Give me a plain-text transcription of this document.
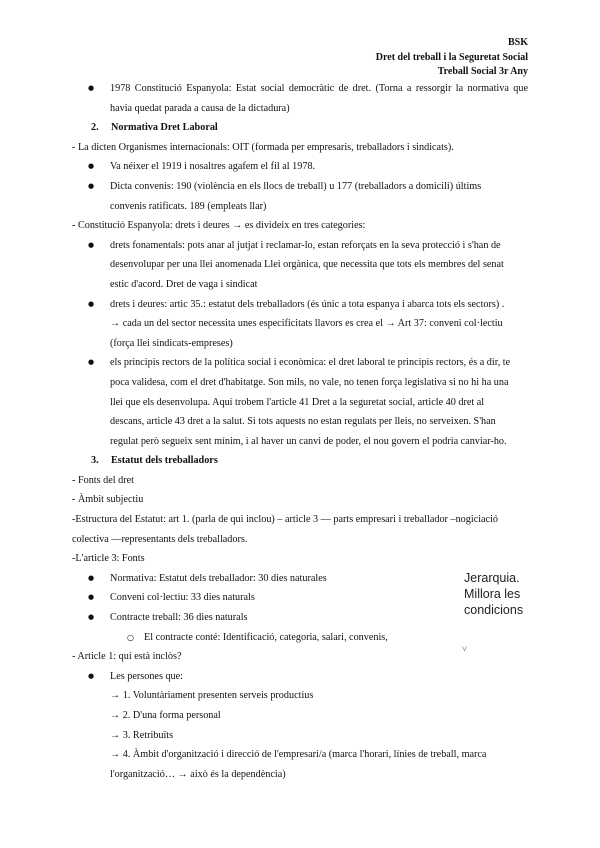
BSK
Dret del treball i la Seguretat Social
Treball Social 3r Any
● 1978 Constitució Espanyola: Estat social democràtic de dret. (Torna a ressorgir la normativa que havia quedat parada a causa de la dictadura)
2. Normativa Dret Laboral
- La dicten Organismes internacionals: OIT (formada per empresaris, treballadors i sindicats).
● Va néixer el 1919 i nosaltres agafem el fil al 1978.
● Dicta convenis: 190 (violència en els llocs de treball) u 177 (treballadors a domicili) últims
convenis ratificats. 189 (empleats llar)
- Constitució Espanyola: drets i deures → es divideix en tres categories:
● drets fonamentals: pots anar al jutjat i reclamar-lo, estan reforçats en la seva protecció i s'han de
desenvolupar per una llei anomenada Llei orgànica, que necessita que tots els membres del senat
estic d'acord. Dret de vaga i sindicat
● drets i deures: artic 35.: estatut dels treballadors (és únic a tota espanya i abarca tots els sectors) .
→ cada un del sector necessita unes especificitats llavors es crea el → Art 37: conveni col·lectiu
(força llei sindicats-empreses)
● els principis rectors de la política social i econòmica: el dret laboral te principis rectors, és a dir, te
poca validesa, com el dret d'habitatge. Son mils, no vale, no tenen força legislativa si no hi ha una
llei que els desenvolupa. Aquí trobem l'article 41 Dret a la seguretat social, article 40 dret al
descans, article 43 dret a la salut. Si tots aquests no estan regulats per lleis, no serveixen. S'han
regulat però segueix sent mínim, i al haver un canvi de poder, el nou govern el podria canviar-ho.
3. Estatut dels treballadors
- Fonts del dret
- Àmbit subjectiu
-Estructura del Estatut: art 1. (parla de qui inclou) – article 3 — parts empresari i treballador –nogiciació
colectiva —representants dels treballadors.
-L'article 3: Fonts
● Normativa: Estatut dels treballador: 30 dies naturales
● Conveni col·lectiu: 33 dies naturals
● Contracte treball: 36 dies naturals
○ El contracte conté: Identificació, categoria, salari, convenis,
- Article 1: qui està inclòs?
● Les persones que:
→ 1. Voluntàriament presenten serveis productius
→ 2. D'una forma personal
→ 3. Retribuïts
→ 4. Àmbit d'organització i direcció de l'empresari/a (marca l'horari, línies de treball, marca
l'organització… → això és la dependència)
Jerarquia.
Millora les
condicions
˅
